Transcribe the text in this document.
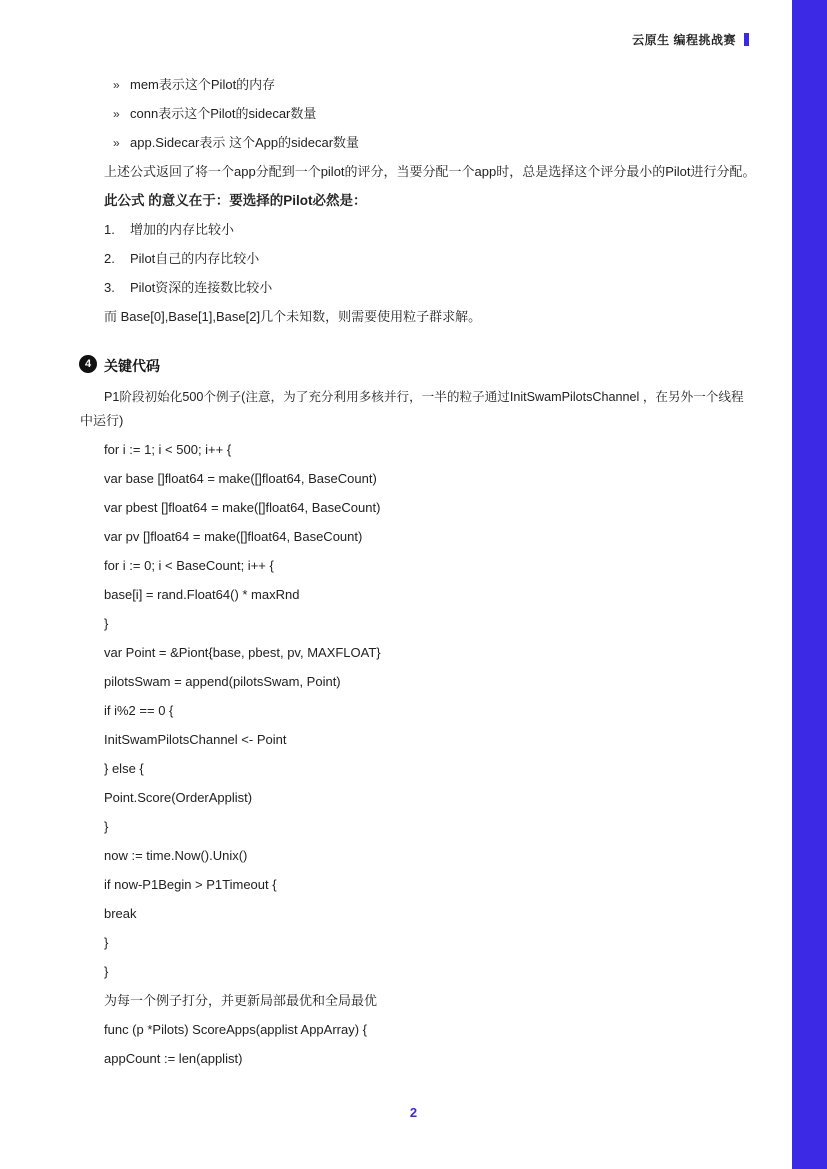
云原生 编程挑战赛
» mem表示这个Pilot的内存
» conn表示这个Pilot的sidecar数量
» app.Sidecar表示 这个App的sidecar数量
上述公式返回了将一个app分配到一个pilot的评分，当要分配一个app时，总是选择这个评分最小的Pilot进行分配。
此公式 的意义在于：要选择的Pilot必然是：
1. 增加的内存比较小
2. Pilot自己的内存比较小
3. Pilot资深的连接数比较小
而 Base[0],Base[1],Base[2]几个未知数，则需要使用粒子群求解。
4 关键代码
P1阶段初始化500个例子(注意，为了充分利用多核并行，一半的粒子通过InitSwamPilotsChannel ，在另外一个线程
中运行)
for i := 1; i < 500; i++ {
var base []float64 = make([]float64, BaseCount)
var pbest []float64 = make([]float64, BaseCount)
var pv []float64 = make([]float64, BaseCount)
for i := 0; i < BaseCount; i++ {
base[i] = rand.Float64() * maxRnd
}
var Point = &Piont{base, pbest, pv, MAXFLOAT}
pilotsSwam = append(pilotsSwam, Point)
if i%2 == 0 {
InitSwamPilotsChannel <- Point
} else {
Point.Score(OrderApplist)
}
now := time.Now().Unix()
if now-P1Begin > P1Timeout {
break
}
}
为每一个例子打分，并更新局部最优和全局最优
func (p *Pilots) ScoreApps(applist AppArray) {
appCount := len(applist)
2
